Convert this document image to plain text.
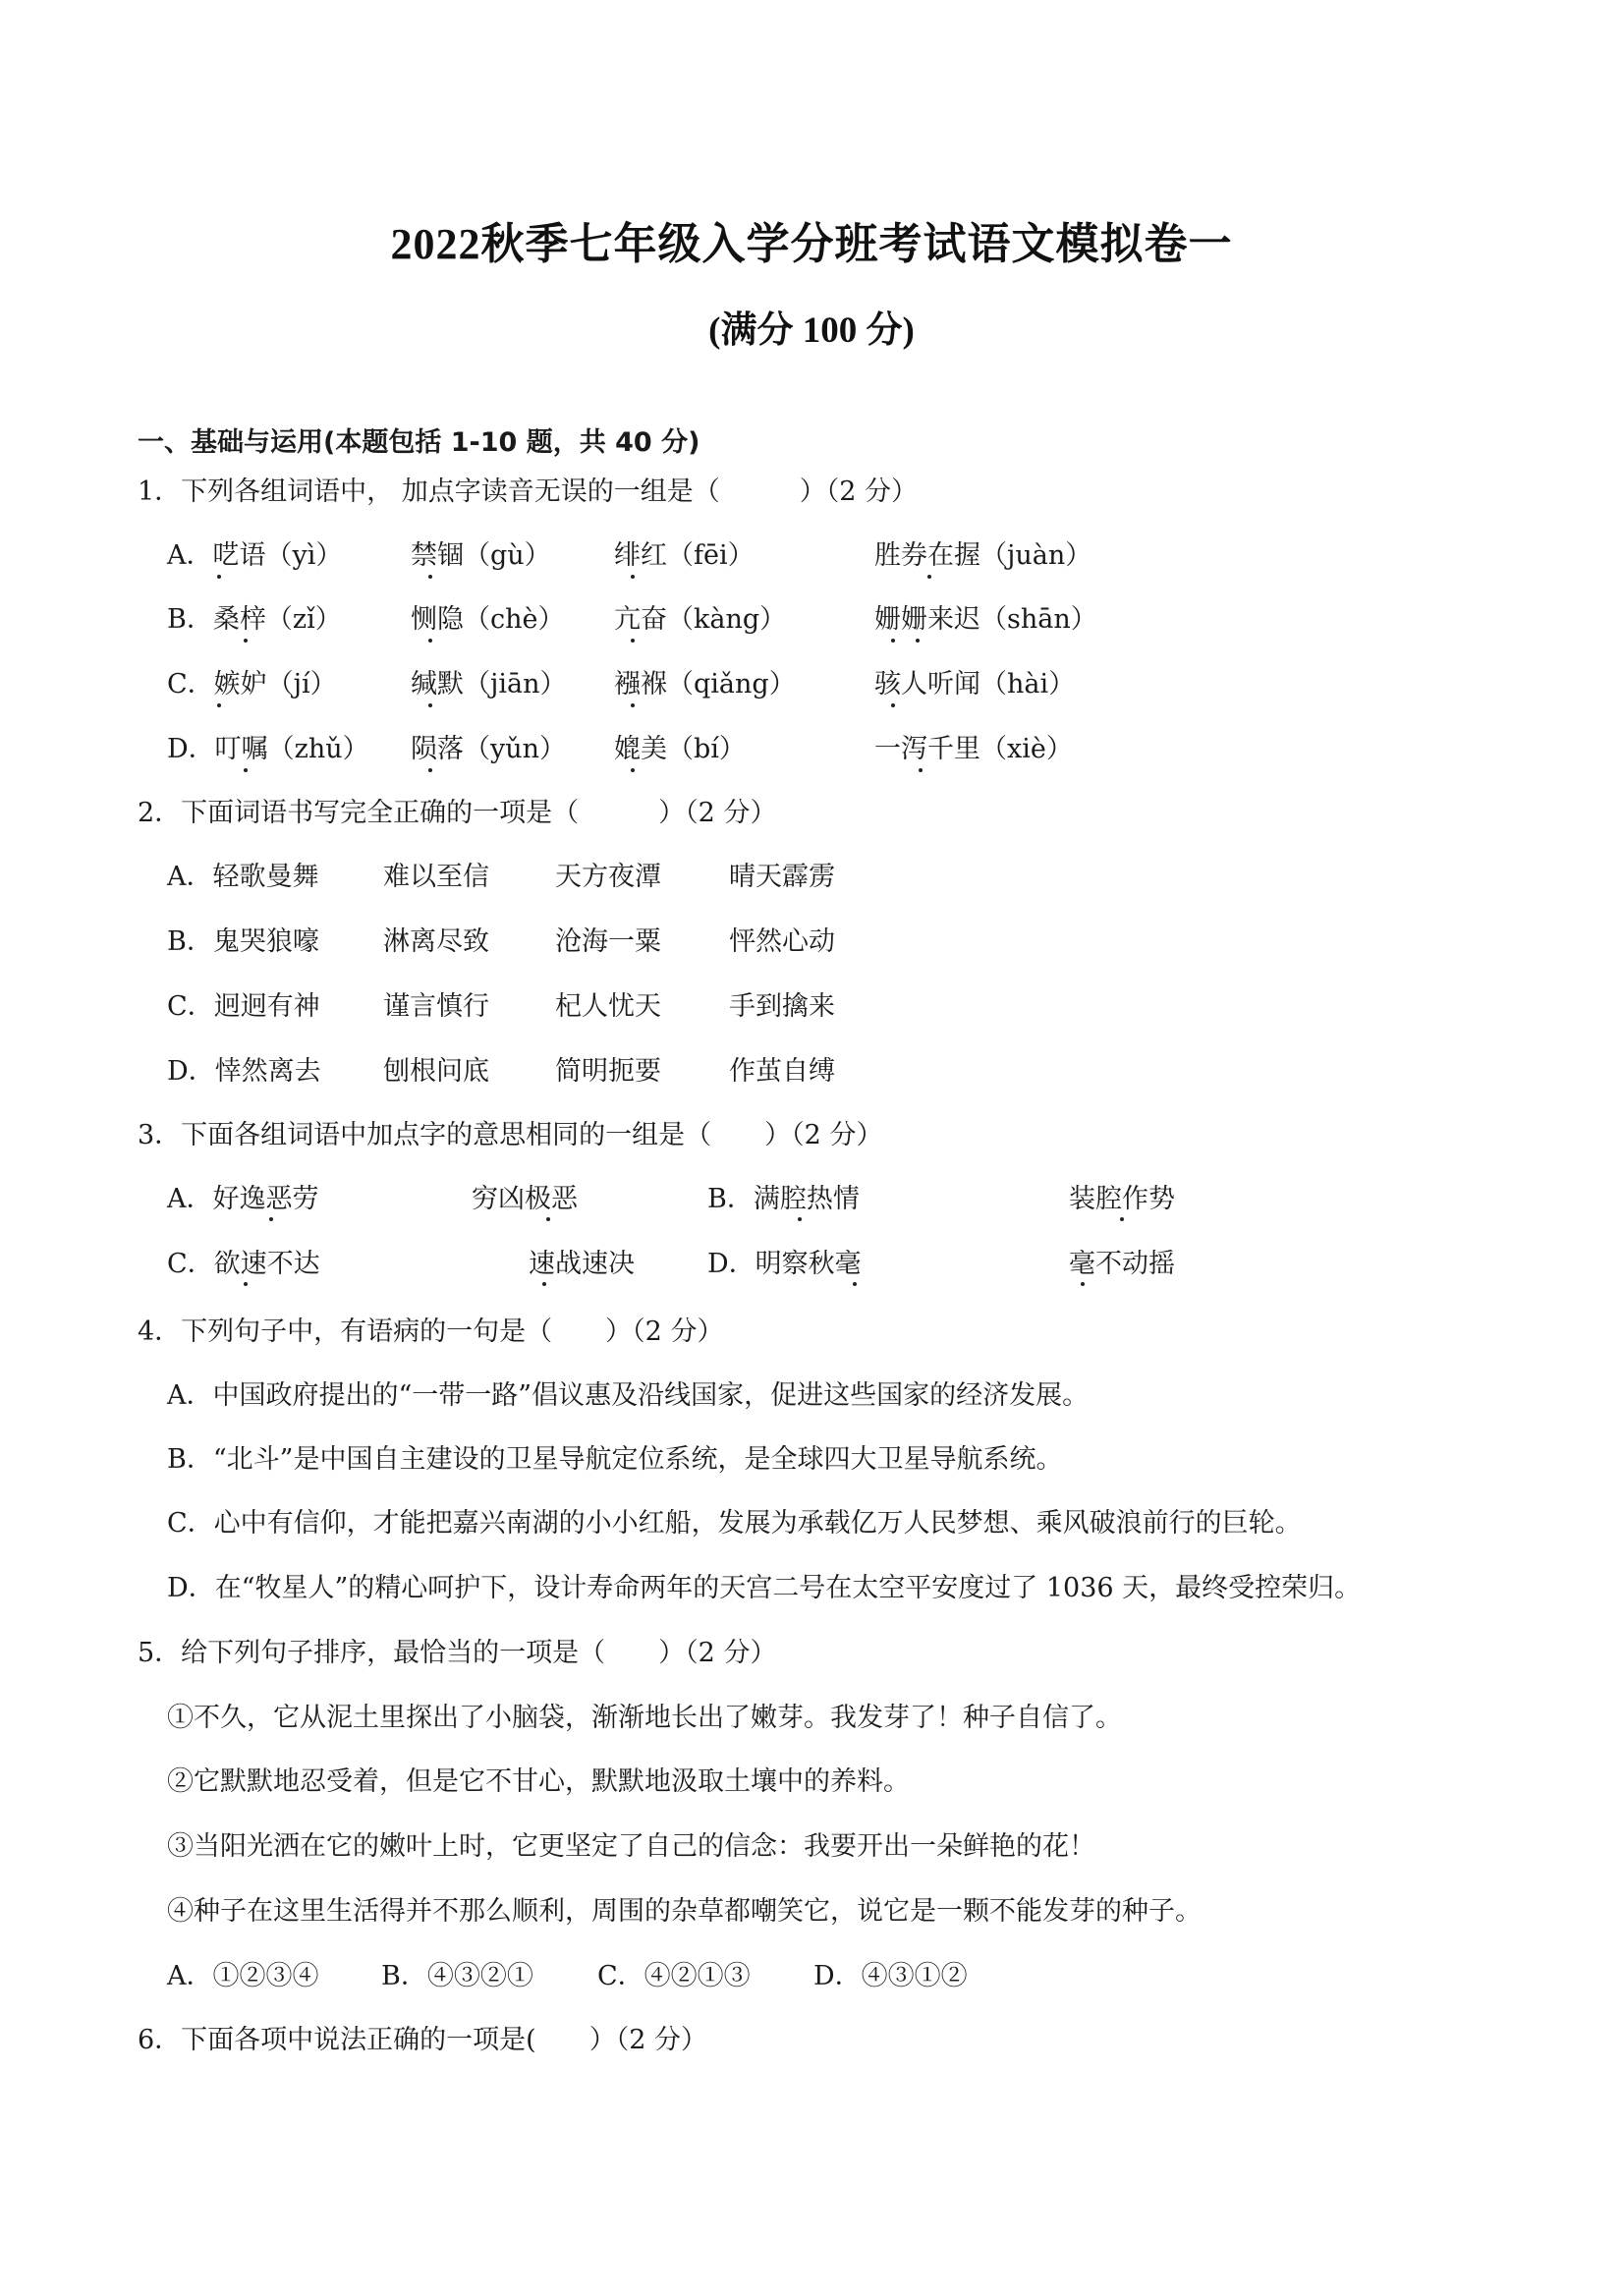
2022秋季七年级入学分班考试语文模拟卷一
(满分 100 分)
一、基础与运用(本题包括 1-10 题，共 40 分)
1．下列各组词语中， 加点字读音无误的一组是（　　　）（2 分）
A．呓语（yì）	禁锢（gù） 绯红（fēi）	胜券在握（juàn）
B．桑梓（zǐ）	恻隐（chè） 亢奋（kàng）	姗姗来迟（shān）
C．嫉妒（jí）	缄默（jiān） 襁褓（qiǎng）	骇人听闻（hài）
D．叮嘱（zhǔ） 陨落（yǔn） 媲美（bí）	一泻千里（xiè）
2．下面词语书写完全正确的一项是（　　　）（2 分）
A．轻歌曼舞 难以至信 天方夜潭	晴天霹雳
B．鬼哭狼嚎 淋离尽致 沧海一粟	怦然心动
C．迥迥有神 谨言慎行 杞人忧天	手到擒来
D．悻然离去 刨根问底 简明扼要	作茧自缚
3．下面各组词语中加点字的意思相同的一组是（　　）（2 分）
A．好逸恶劳	穷凶极恶	B．满腔热情	装腔作势
C．欲速不达	速战速决	D．明察秋毫	毫不动摇
4．下列句子中，有语病的一句是（　　）（2 分）
A．中国政府提出的“一带一路”倡议惠及沿线国家，促进这些国家的经济发展。
B．“北斗”是中国自主建设的卫星导航定位系统，是全球四大卫星导航系统。
C．心中有信仰，才能把嘉兴南湖的小小红船，发展为承载亿万人民梦想、乘风破浪前行的巨轮。
D．在“牧星人”的精心呵护下，设计寿命两年的天宫二号在太空平安度过了 1036 天，最终受控荣归。
5．给下列句子排序，最恰当的一项是（　　）（2 分）
①不久，它从泥土里探出了小脑袋，渐渐地长出了嫩芽。我发芽了！种子自信了。
②它默默地忍受着，但是它不甘心，默默地汲取土壤中的养料。
③当阳光洒在它的嫩叶上时，它更坚定了自己的信念：我要开出一朵鲜艳的花！
④种子在这里生活得并不那么顺利，周围的杂草都嘲笑它，说它是一颗不能发芽的种子。
A．①②③④ B．④③②① C．④②①③ D．④③①②
6．下面各项中说法正确的一项是(　　）（2 分）
